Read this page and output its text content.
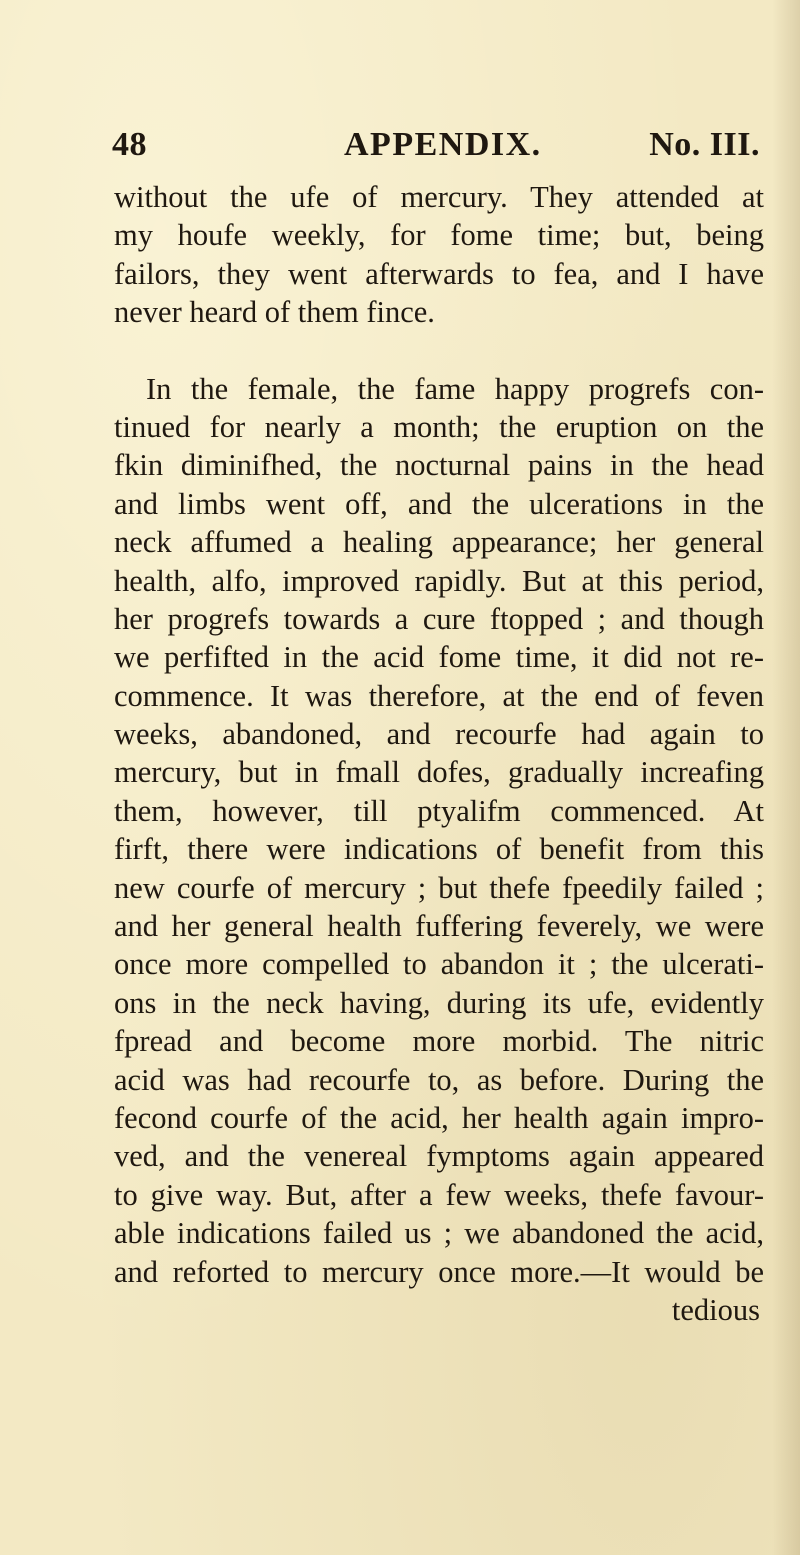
48	APPENDIX.	No. III.
without the ufe of mercury. They attended at
my houfe weekly, for fome time; but, being
failors, they went afterwards to fea, and I have
never heard of them fince.
In the female, the fame happy progrefs con-
tinued for nearly a month; the eruption on the
fkin diminifhed, the nocturnal pains in the head
and limbs went off, and the ulcerations in the
neck affumed a healing appearance; her general
health, alfo, improved rapidly. But at this period,
her progrefs towards a cure ftopped ; and though
we perfifted in the acid fome time, it did not re-
commence. It was therefore, at the end of feven
weeks, abandoned, and recourfe had again to
mercury, but in fmall dofes, gradually increafing
them, however, till ptyalifm commenced. At
firft, there were indications of benefit from this
new courfe of mercury ; but thefe fpeedily failed ;
and her general health fuffering feverely, we were
once more compelled to abandon it ; the ulcerati-
ons in the neck having, during its ufe, evidently
fpread and become more morbid. The nitric
acid was had recourfe to, as before. During the
fecond courfe of the acid, her health again impro-
ved, and the venereal fymptoms again appeared
to give way. But, after a few weeks, thefe favour-
able indications failed us ; we abandoned the acid,
and reforted to mercury once more.—It would be
tedious
